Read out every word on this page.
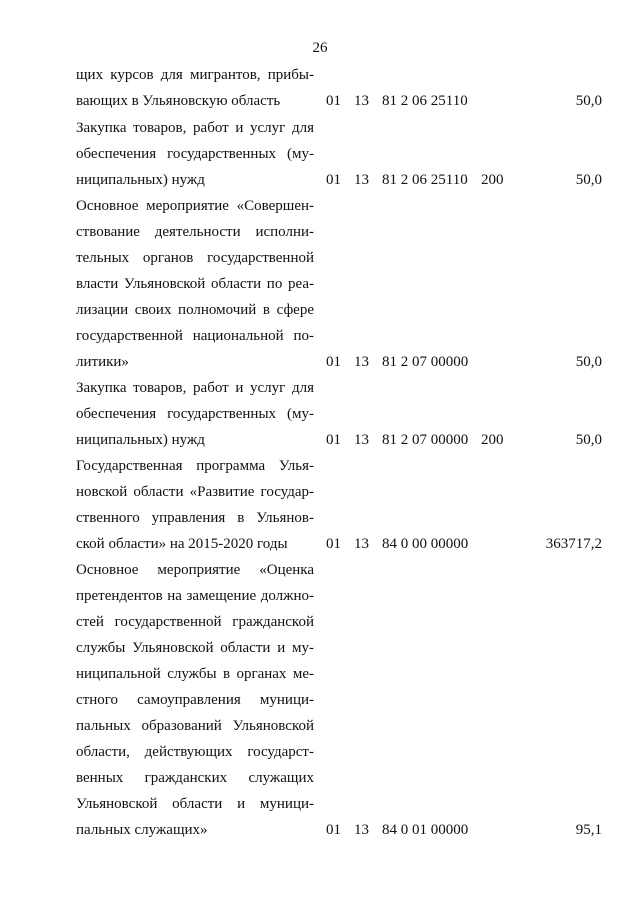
26
щих курсов для мигрантов, прибы-
вающих в Ульяновскую область	01 13 81 2 06 25110	50,0
Закупка товаров, работ и услуг для
обеспечения государственных (му-
ниципальных) нужд	01 13 81 2 06 25110 200	50,0
Основное мероприятие «Совершен-
ствование деятельности исполни-
тельных органов государственной
власти Ульяновской области по реа-
лизации своих полномочий в сфере
государственной национальной по-
литики»	01 13 81 2 07 00000	50,0
Закупка товаров, работ и услуг для
обеспечения государственных (му-
ниципальных) нужд	01 13 81 2 07 00000 200	50,0
Государственная программа Улья-
новской области «Развитие государ-
ственного управления в Ульянов-
ской области» на 2015-2020 годы	01 13 84 0 00 00000	363717,2
Основное мероприятие «Оценка
претендентов на замещение должно-
стей государственной гражданской
службы Ульяновской области и му-
ниципальной службы в органах ме-
стного самоуправления муници-
пальных образований Ульяновской
области, действующих государст-
венных гражданских служащих
Ульяновской области и муници-
пальных служащих»	01 13 84 0 01 00000	95,1
